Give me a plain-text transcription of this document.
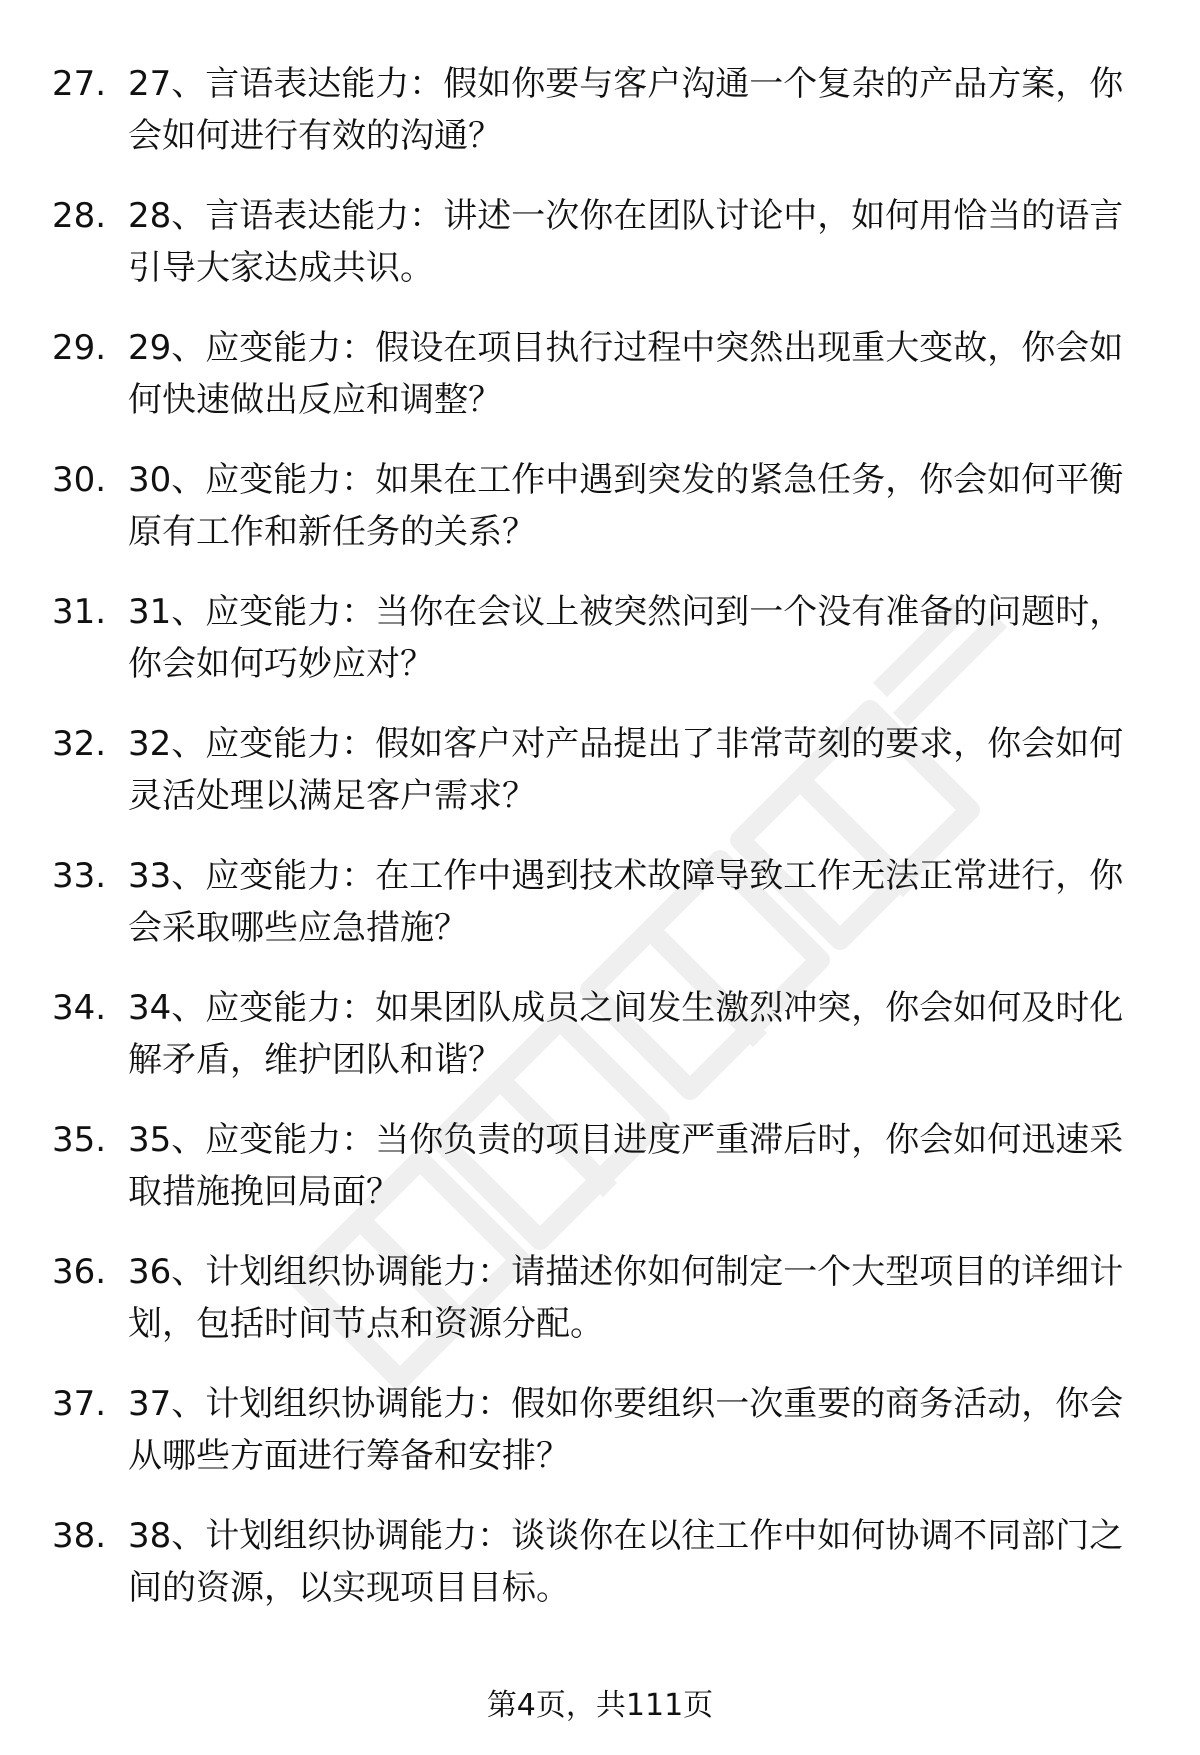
27. 27、言语表达能力：假如你要与客户沟通一个复杂的产品方案，你会如何进行有效的沟通？
28. 28、言语表达能力：讲述一次你在团队讨论中，如何用恰当的语言引导大家达成共识。
29. 29、应变能力：假设在项目执行过程中突然出现重大变故，你会如何快速做出反应和调整？
30. 30、应变能力：如果在工作中遇到突发的紧急任务，你会如何平衡原有工作和新任务的关系？
31. 31、应变能力：当你在会议上被突然问到一个没有准备的问题时，你会如何巧妙应对？
32. 32、应变能力：假如客户对产品提出了非常苛刻的要求，你会如何灵活处理以满足客户需求？
33. 33、应变能力：在工作中遇到技术故障导致工作无法正常进行，你会采取哪些应急措施？
34. 34、应变能力：如果团队成员之间发生激烈冲突，你会如何及时化解矛盾，维护团队和谐？
35. 35、应变能力：当你负责的项目进度严重滞后时，你会如何迅速采取措施挽回局面？
36. 36、计划组织协调能力：请描述你如何制定一个大型项目的详细计划，包括时间节点和资源分配。
37. 37、计划组织协调能力：假如你要组织一次重要的商务活动，你会从哪些方面进行筹备和安排？
38. 38、计划组织协调能力：谈谈你在以往工作中如何协调不同部门之间的资源，以实现项目目标。
第4页，共111页
